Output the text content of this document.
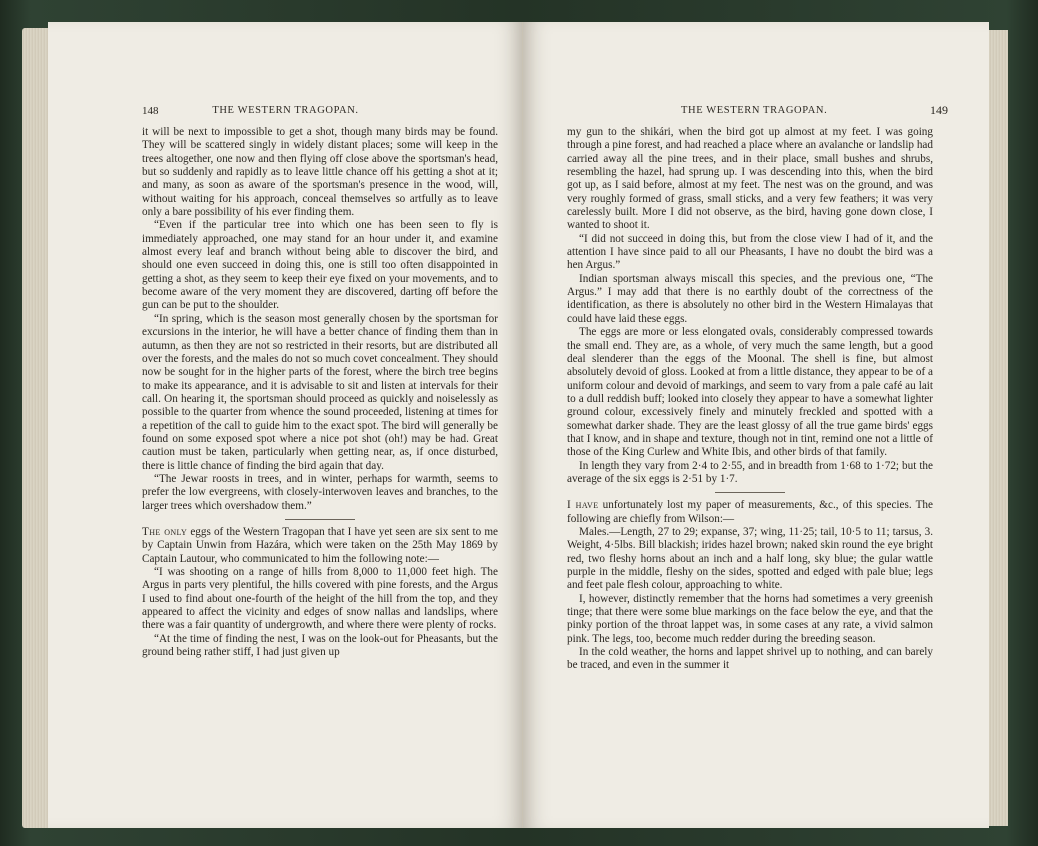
148	THE WESTERN TRAGOPAN.

it will be next to impossible to get a shot, though many birds may be found. They will be scattered singly in widely distant places; some will keep in the trees altogether, one now and then flying off close above the sportsman's head, but so suddenly and rapidly as to leave little chance off his getting a shot at it; and many, as soon as aware of the sportsman's presence in the wood, will, without waiting for his approach, conceal themselves so artfully as to leave only a bare possibility of his ever finding them.

“Even if the particular tree into which one has been seen to fly is immediately approached, one may stand for an hour under it, and examine almost every leaf and branch without being able to discover the bird, and should one even succeed in doing this, one is still too often disappointed in getting a shot, as they seem to keep their eye fixed on your movements, and to become aware of the very moment they are discovered, darting off before the gun can be put to the shoulder.

“In spring, which is the season most generally chosen by the sportsman for excursions in the interior, he will have a better chance of finding them than in autumn, as then they are not so restricted in their resorts, but are distributed all over the forests, and the males do not so much covet concealment. They should now be sought for in the higher parts of the forest, where the birch tree begins to make its appearance, and it is advisable to sit and listen at intervals for their call. On hearing it, the sportsman should proceed as quickly and noiselessly as possible to the quarter from whence the sound proceeded, listening at times for a repetition of the call to guide him to the exact spot. The bird will generally be found on some exposed spot where a nice pot shot (oh!) may be had. Great caution must be taken, particularly when getting near, as, if once disturbed, there is little chance of finding the bird again that day.

“The Jewar roosts in trees, and in winter, perhaps for warmth, seems to prefer the low evergreens, with closely-interwoven leaves and branches, to the larger trees which overshadow them.”

The only eggs of the Western Tragopan that I have yet seen are six sent to me by Captain Unwin from Hazára, which were taken on the 25th May 1869 by Captain Lautour, who communicated to him the following note:—

“I was shooting on a range of hills from 8,000 to 11,000 feet high. The Argus in parts very plentiful, the hills covered with pine forests, and the Argus I used to find about one-fourth of the height of the hill from the top, and they appeared to affect the vicinity and edges of snow nallas and landslips, where there was a fair quantity of undergrowth, and where there were plenty of rocks.

“At the time of finding the nest, I was on the look-out for Pheasants, but the ground being rather stiff, I had just given up

THE WESTERN TRAGOPAN.	149

my gun to the shikári, when the bird got up almost at my feet. I was going through a pine forest, and had reached a place where an avalanche or landslip had carried away all the pine trees, and in their place, small bushes and shrubs, resembling the hazel, had sprung up. I was descending into this, when the bird got up, as I said before, almost at my feet. The nest was on the ground, and was very roughly formed of grass, small sticks, and a very few feathers; it was very carelessly built. More I did not observe, as the bird, having gone down close, I wanted to shoot it.

“I did not succeed in doing this, but from the close view I had of it, and the attention I have since paid to all our Pheasants, I have no doubt the bird was a hen Argus.”

Indian sportsman always miscall this species, and the previous one, “The Argus.” I may add that there is no earthly doubt of the correctness of the identification, as there is absolutely no other bird in the Western Himalayas that could have laid these eggs.

The eggs are more or less elongated ovals, considerably compressed towards the small end. They are, as a whole, of very much the same length, but a good deal slenderer than the eggs of the Moonal. The shell is fine, but almost absolutely devoid of gloss. Looked at from a little distance, they appear to be of a uniform colour and devoid of markings, and seem to vary from a pale café au lait to a dull reddish buff; looked into closely they appear to have a somewhat lighter ground colour, excessively finely and minutely freckled and spotted with a somewhat darker shade. They are the least glossy of all the true game birds' eggs that I know, and in shape and texture, though not in tint, remind one not a little of those of the King Curlew and White Ibis, and other birds of that family.

In length they vary from 2·4 to 2·55, and in breadth from 1·68 to 1·72; but the average of the six eggs is 2·51 by 1·7.

I have unfortunately lost my paper of measurements, &c., of this species. The following are chiefly from Wilson:—

Males.—Length, 27 to 29; expanse, 37; wing, 11·25; tail, 10·5 to 11; tarsus, 3. Weight, 4·5lbs. Bill blackish; irides hazel brown; naked skin round the eye bright red, two fleshy horns about an inch and a half long, sky blue; the gular wattle purple in the middle, fleshy on the sides, spotted and edged with pale blue; legs and feet pale flesh colour, approaching to white.

I, however, distinctly remember that the horns had sometimes a very greenish tinge; that there were some blue markings on the face below the eye, and that the pinky portion of the throat lappet was, in some cases at any rate, a vivid salmon pink. The legs, too, become much redder during the breeding season.

In the cold weather, the horns and lappet shrivel up to nothing, and can barely be traced, and even in the summer it
